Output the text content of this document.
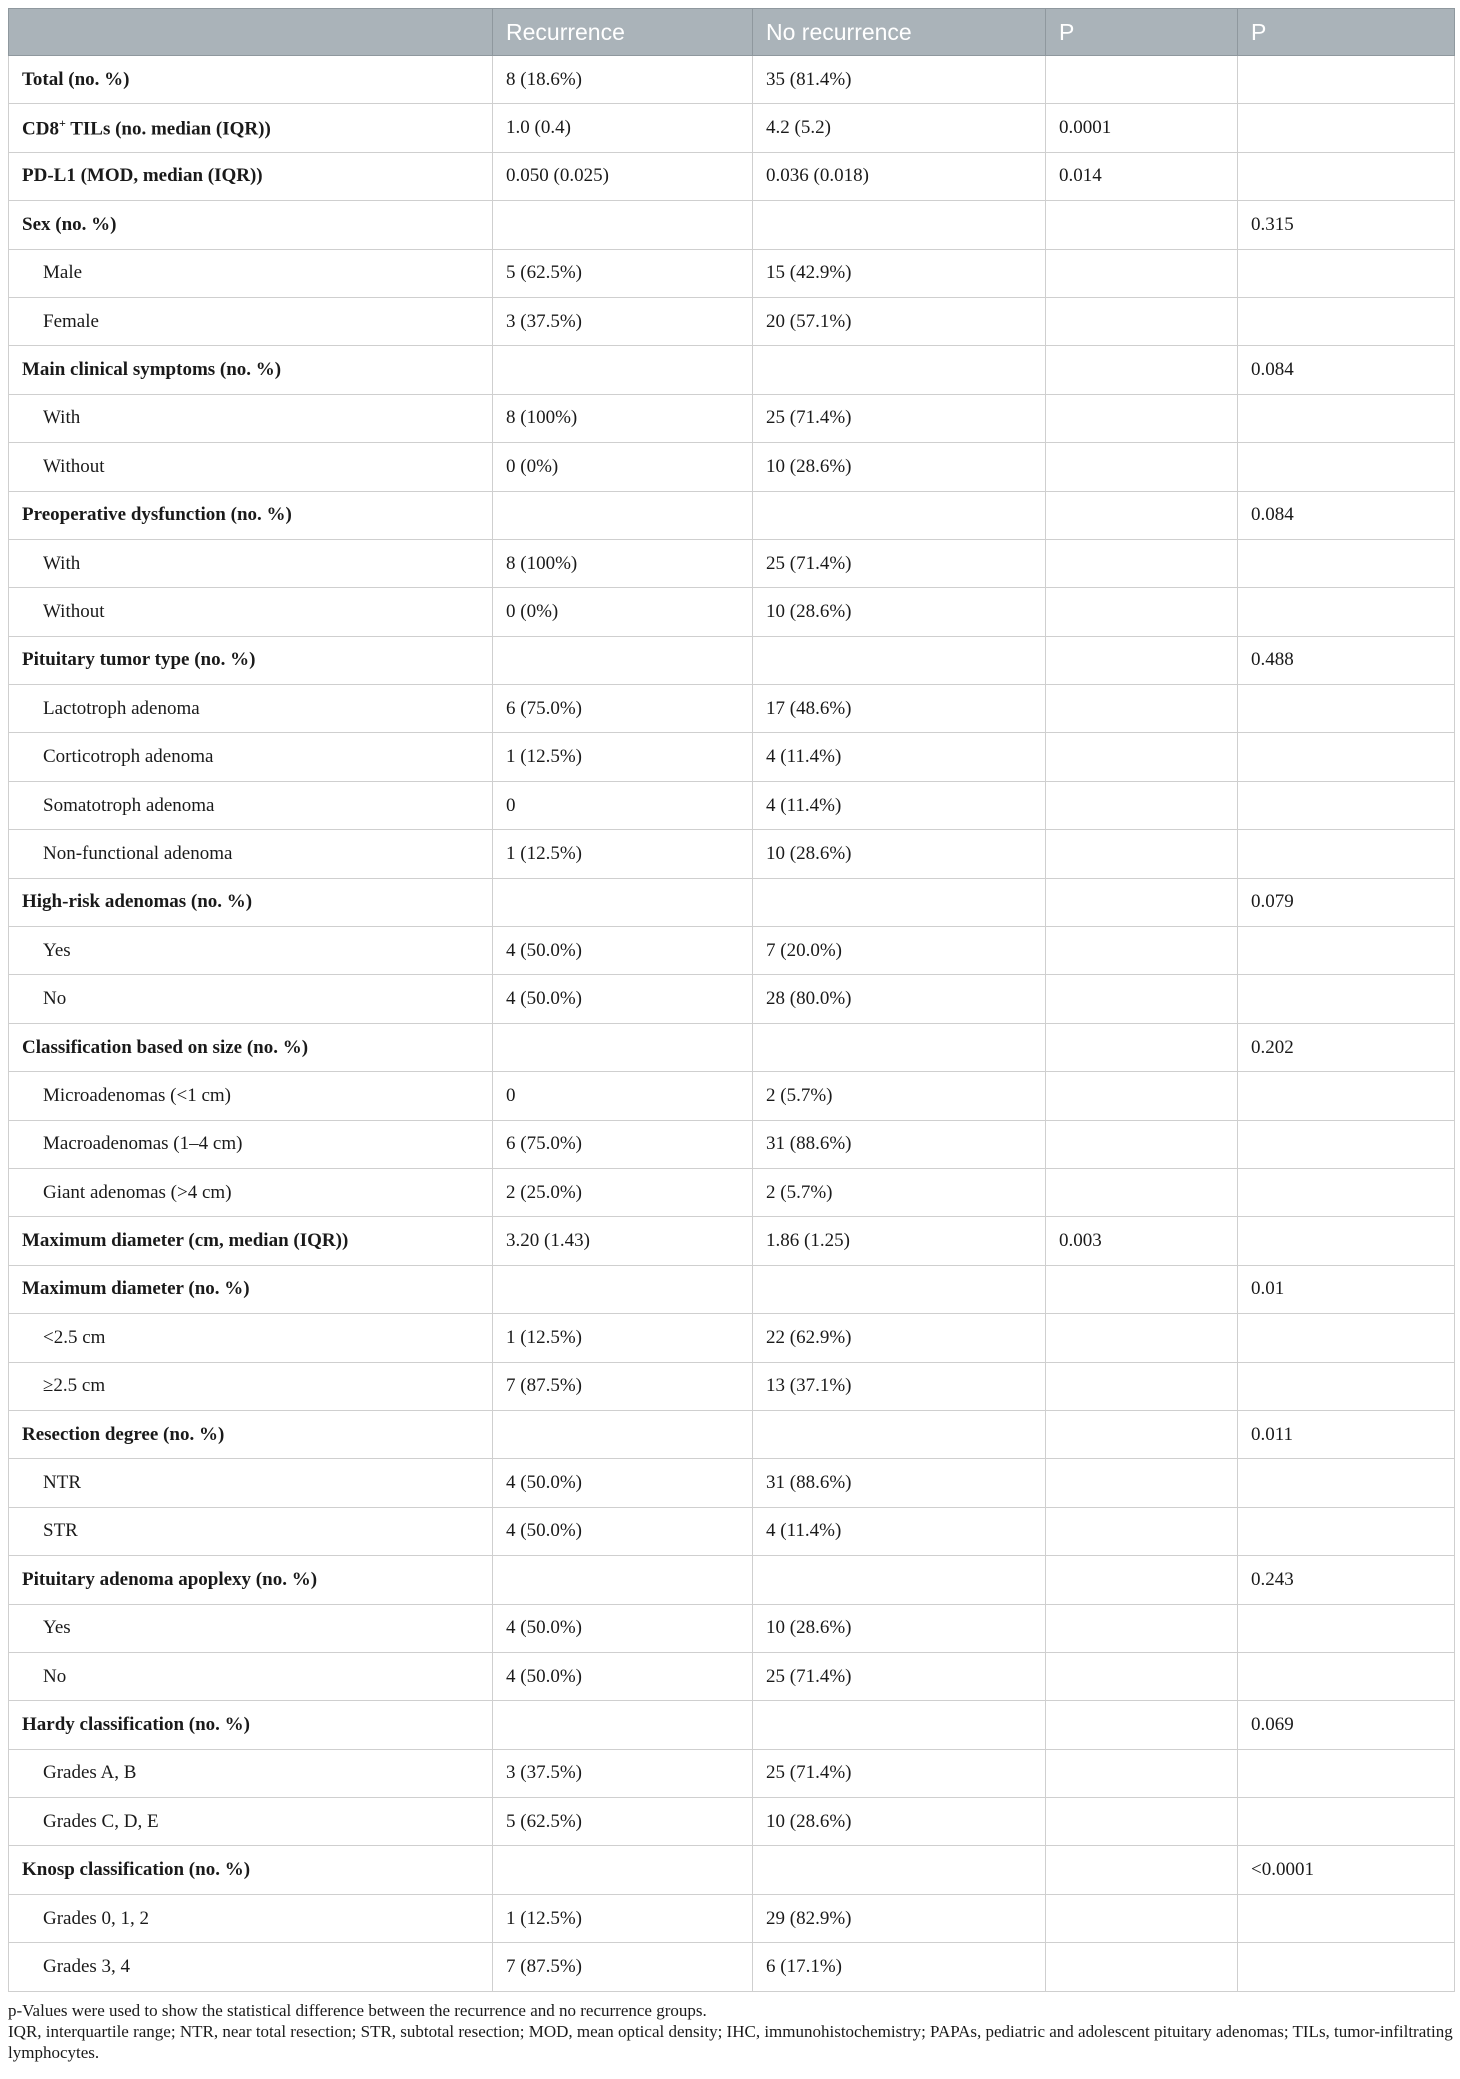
	Recurrence	No recurrence	P	P
Total (no. %)	8 (18.6%)	35 (81.4%)		
CD8+ TILs (no. median (IQR))	1.0 (0.4)	4.2 (5.2)	0.0001	
PD-L1 (MOD, median (IQR))	0.050 (0.025)	0.036 (0.018)	0.014	
Sex (no. %)				0.315
Male	5 (62.5%)	15 (42.9%)		
Female	3 (37.5%)	20 (57.1%)		
Main clinical symptoms (no. %)				0.084
With	8 (100%)	25 (71.4%)		
Without	0 (0%)	10 (28.6%)		
Preoperative dysfunction (no. %)				0.084
With	8 (100%)	25 (71.4%)		
Without	0 (0%)	10 (28.6%)		
Pituitary tumor type (no. %)				0.488
Lactotroph adenoma	6 (75.0%)	17 (48.6%)		
Corticotroph adenoma	1 (12.5%)	4 (11.4%)		
Somatotroph adenoma	0	4 (11.4%)		
Non-functional adenoma	1 (12.5%)	10 (28.6%)		
High-risk adenomas (no. %)				0.079
Yes	4 (50.0%)	7 (20.0%)		
No	4 (50.0%)	28 (80.0%)		
Classification based on size (no. %)				0.202
Microadenomas (<1 cm)	0	2 (5.7%)		
Macroadenomas (1–4 cm)	6 (75.0%)	31 (88.6%)		
Giant adenomas (>4 cm)	2 (25.0%)	2 (5.7%)		
Maximum diameter (cm, median (IQR))	3.20 (1.43)	1.86 (1.25)	0.003	
Maximum diameter (no. %)				0.01
<2.5 cm	1 (12.5%)	22 (62.9%)		
≥2.5 cm	7 (87.5%)	13 (37.1%)		
Resection degree (no. %)				0.011
NTR	4 (50.0%)	31 (88.6%)		
STR	4 (50.0%)	4 (11.4%)		
Pituitary adenoma apoplexy (no. %)				0.243
Yes	4 (50.0%)	10 (28.6%)		
No	4 (50.0%)	25 (71.4%)		
Hardy classification (no. %)				0.069
Grades A, B	3 (37.5%)	25 (71.4%)		
Grades C, D, E	5 (62.5%)	10 (28.6%)		
Knosp classification (no. %)				<0.0001
Grades 0, 1, 2	1 (12.5%)	29 (82.9%)		
Grades 3, 4	7 (87.5%)	6 (17.1%)		

p-Values were used to show the statistical difference between the recurrence and no recurrence groups.

IQR, interquartile range; NTR, near total resection; STR, subtotal resection; MOD, mean optical density; IHC, immunohistochemistry; PAPAs, pediatric and adolescent pituitary adenomas; TILs, tumor-infiltrating lymphocytes.
